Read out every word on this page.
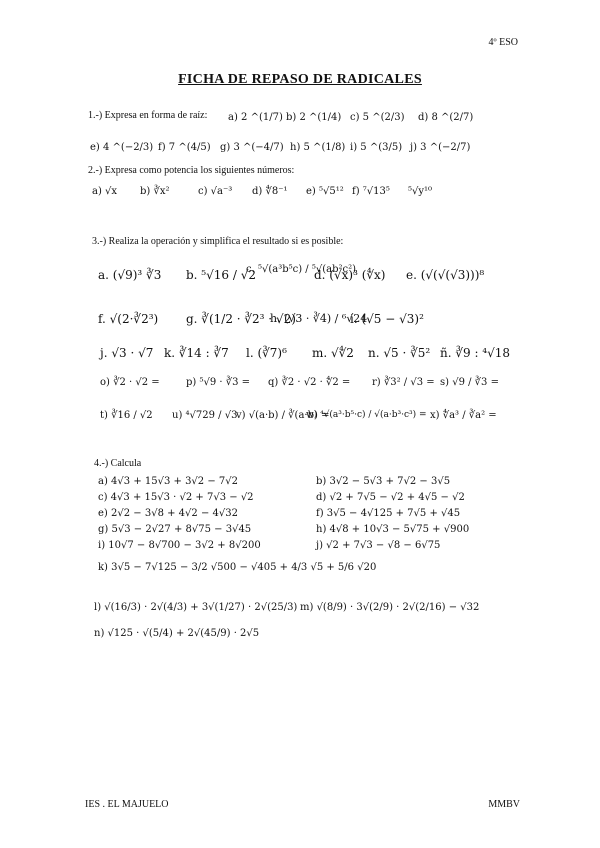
4º ESO
FICHA DE REPASO DE RADICALES
1.-) Expresa en forma de raíz: a) 2 ^(1/7) b) 2 ^(1/4) c) 5 ^(2/3) d) 8 ^(2/7)
e) 4 ^(−2/3) f) 7 ^(4/5) g) 3 ^(−4/7) h) 5 ^(1/8) i) 5 ^(3/5) j) 3 ^(−2/7)
2.-) Expresa como potencia los siguientes números:
a) √x b) ∛x²	c) √a⁻³ d) ∜8⁻¹ e) ⁵√5¹² f) ⁷√13⁵ ⁵√y¹⁰
3.-) Realiza la operación y simplifica el resultado si es posible:
a. (√9)³ ∛3 b. ⁵√16 / √2
c. ⁵√(a³b⁵c) / ⁵√(ab²c²)
d. (√x)³ (∜x) e. (√(√(√3)))⁸
f. √(2·∛2³) g. ∛(1/2 · ∛2³ · √2)
h. (√3 · ∛4) / ⁶√24
i. (√5 − √3)²
j. √3 · √7 k. ∛14 : ∛7 l. (∛7)⁶ m. √∜2 n. √5 · ∛5² ñ. ∛9 : ⁴√18
o) ∛2 · √2 =	p) ⁵√9 · ∛3 = q) ∛2 · √2 · ∜2 = r) ∛3² / √3 = s) √9 / ∛3 =
t) ∛16 / √2 u) ⁴√729 / √3
v) √(a·b) / ∛(a·b) =
w) ⁴√(a³·b⁵·c) / √(a·b³·c³) = x) ∜a³ / ∛a² =
4.-) Calcula
a) 4√3 + 15√3 + 3√2 − 7√2
c) 4√3 + 15√3 · √2 + 7√3 − √2
e) 2√2 − 3√8 + 4√2 − 4√32
g) 5√3 − 2√27 + 8√75 − 3√45
i) 10√7 − 8√700 − 3√2 + 8√200
b) 3√2 − 5√3 + 7√2 − 3√5
d) √2 + 7√5 − √2 + 4√5 − √2
f) 3√5 − 4√125 + 7√5 + √45
h) 4√8 + 10√3 − 5√75 + √900
j) √2 + 7√3 − √8 − 6√75
k) 3√5 − 7√125 − 3/2 √500 − √405 + 4/3 √5 + 5/6 √20
l) √(16/3) · 2√(4/3) + 3√(1/27) · 2√(25/3) m) √(8/9) · 3√(2/9) · 2√(2/16) − √32
n) √125 · √(5/4) + 2√(45/9) · 2√5
IES . EL MAJUELO	MMBV
